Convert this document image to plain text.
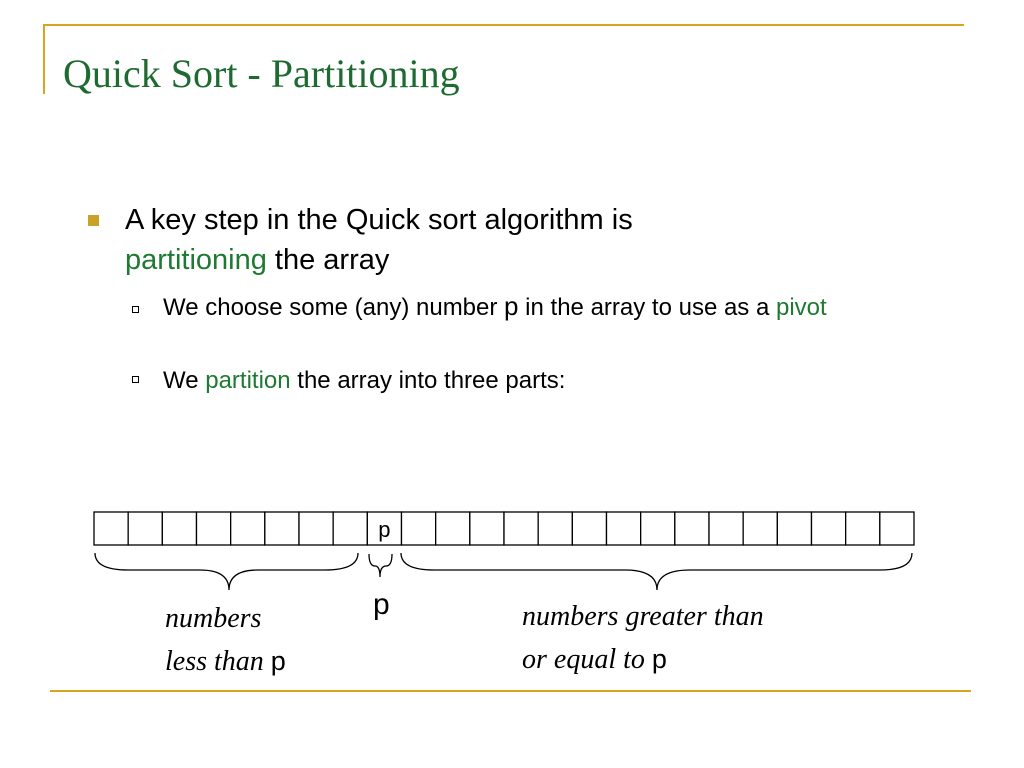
Quick Sort - Partitioning
A key step in the Quick sort algorithm is
partitioning the array
We choose some (any) number p in the array to use as a pivot
We partition the array into three parts:
p
numbers
less than p
p	numbers greater than
or equal to p
